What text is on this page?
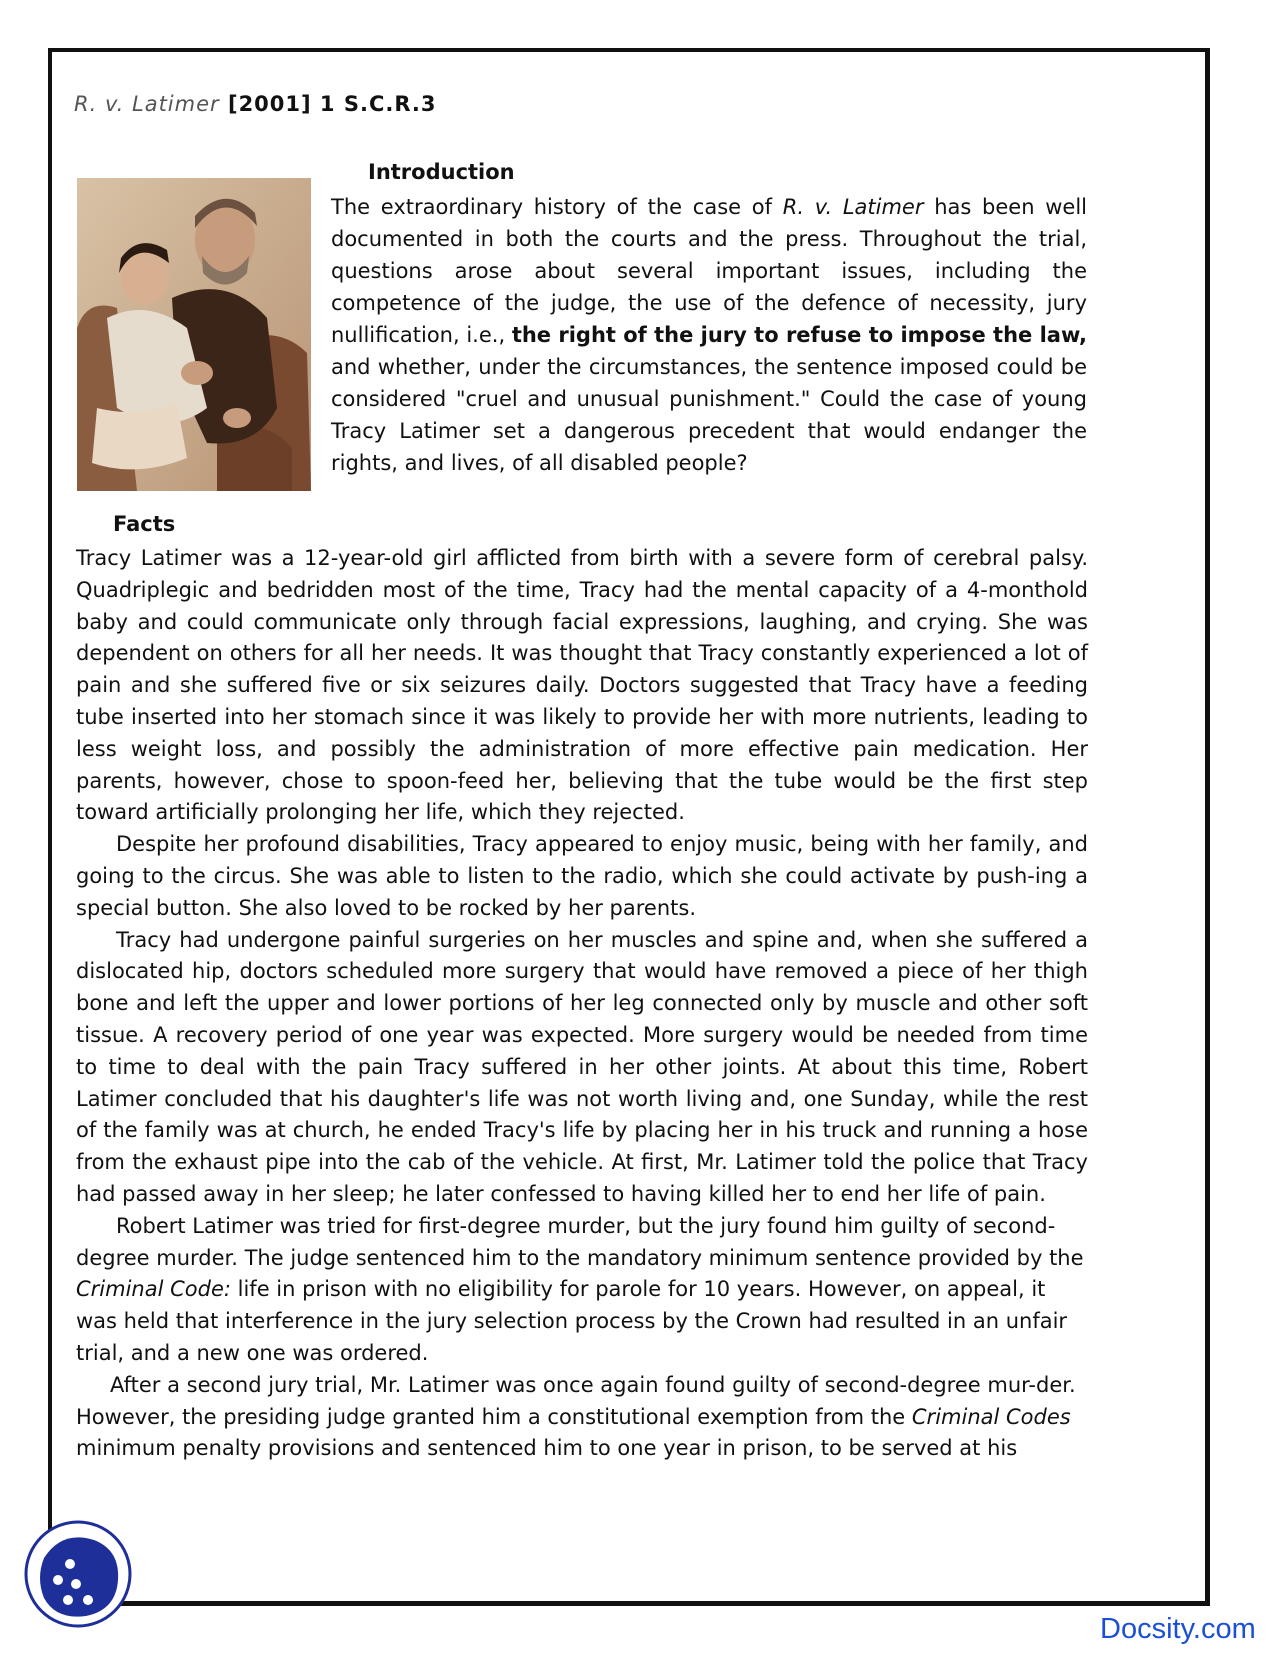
R. v. Latimer [2001] 1 S.C.R.3
Introduction
The extraordinary history of the case of R. v. Latimer has been well documented in both the courts and the press. Throughout the trial, questions arose about several important issues, including the competence of the judge, the use of the defence of necessity, jury nullification, i.e., the right of the jury to refuse to impose the law, and whether, under the circumstances, the sentence imposed could be considered "cruel and unusual punishment." Could the case of young Tracy Latimer set a dangerous precedent that would endanger the rights, and lives, of all disabled people?
Facts

Tracy Latimer was a 12-year-old girl afflicted from birth with a severe form of cerebral palsy. Quadriplegic and bedridden most of the time, Tracy had the mental capacity of a 4-monthold baby and could communicate only through facial expressions, laughing, and crying. She was dependent on others for all her needs. It was thought that Tracy constantly experienced a lot of pain and she suffered five or six seizures daily. Doctors suggested that Tracy have a feeding tube inserted into her stomach since it was likely to provide her with more nutrients, leading to less weight loss, and possibly the administration of more effective pain medication. Her parents, however, chose to spoon-feed her, believing that the tube would be the first step toward artificially prolonging her life, which they rejected.

Despite her profound disabilities, Tracy appeared to enjoy music, being with her family, and going to the circus. She was able to listen to the radio, which she could activate by push-ing a special button. She also loved to be rocked by her parents.

Tracy had undergone painful surgeries on her muscles and spine and, when she suffered a dislocated hip, doctors scheduled more surgery that would have removed a piece of her thigh bone and left the upper and lower portions of her leg connected only by muscle and other soft tissue. A recovery period of one year was expected. More surgery would be needed from time to time to deal with the pain Tracy suffered in her other joints. At about this time, Robert Latimer concluded that his daughter's life was not worth living and, one Sunday, while the rest of the family was at church, he ended Tracy's life by placing her in his truck and running a hose from the exhaust pipe into the cab of the vehicle. At first, Mr. Latimer told the police that Tracy had passed away in her sleep; he later confessed to having killed her to end her life of pain.

Robert Latimer was tried for first-degree murder, but the jury found him guilty of second-degree murder. The judge sentenced him to the mandatory minimum sentence provided by the Criminal Code: life in prison with no eligibility for parole for 10 years. However, on appeal, it was held that interference in the jury selection process by the Crown had resulted in an unfair trial, and a new one was ordered.

After a second jury trial, Mr. Latimer was once again found guilty of second-degree mur-der. However, the presiding judge granted him a constitutional exemption from the Criminal Codes minimum penalty provisions and sentenced him to one year in prison, to be served at his

Docsity.com
